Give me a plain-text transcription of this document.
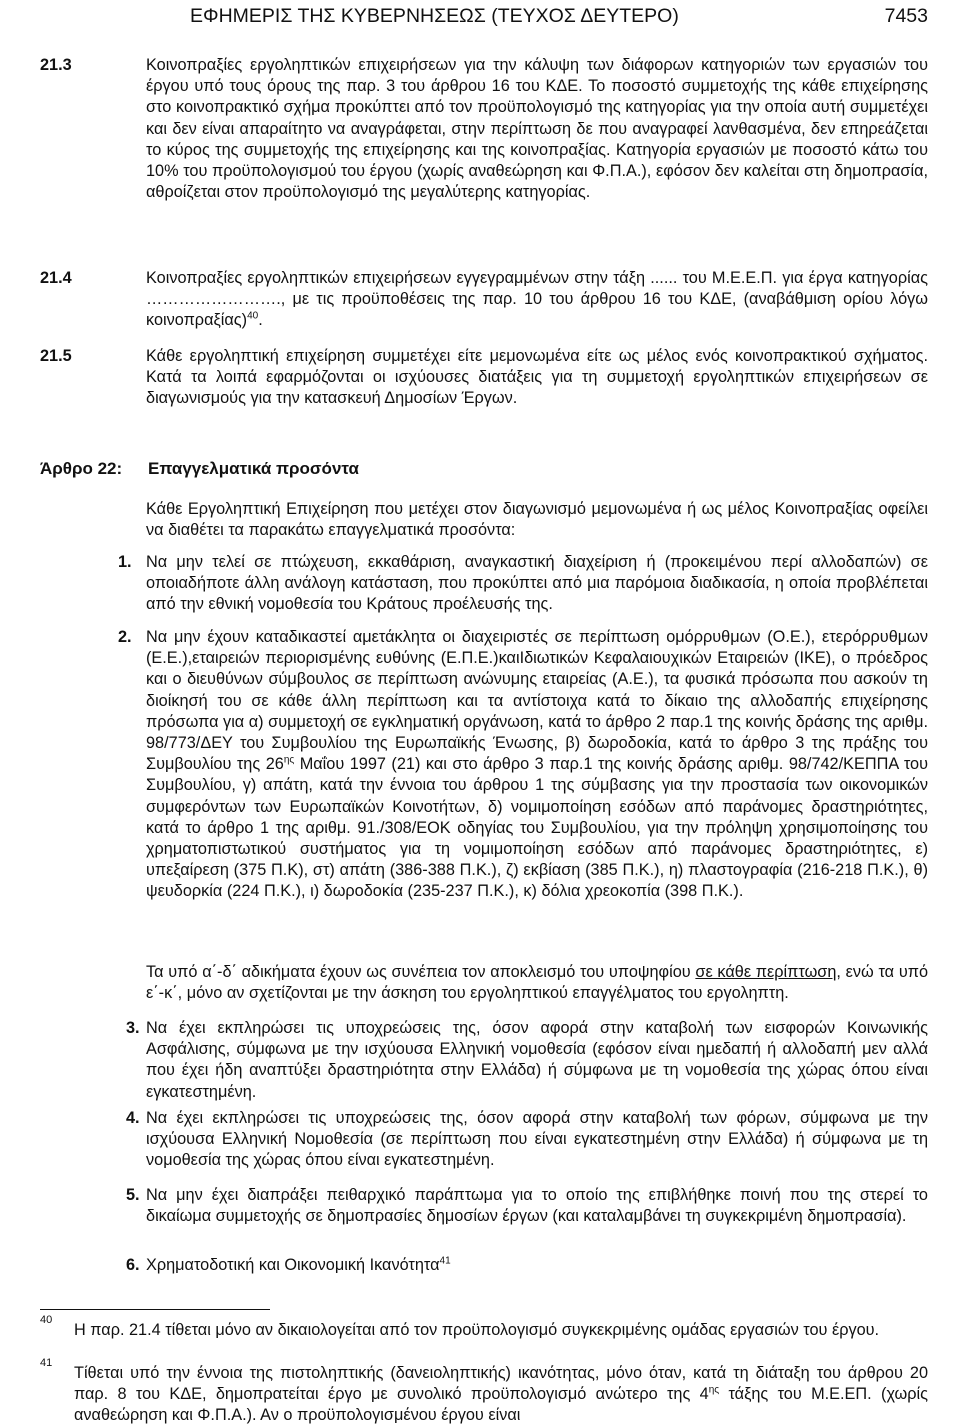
ΕΦΗΜΕΡΙΣ ΤΗΣ ΚΥΒΕΡΝΗΣΕΩΣ (ΤΕΥΧΟΣ ΔΕΥΤΕΡΟ)	7453
21.3	Κοινοπραξίες εργοληπτικών επιχειρήσεων για την κάλυψη των διάφορων κατηγοριών των εργασιών του έργου υπό τους όρους της παρ. 3 του άρθρου 16 του ΚΔΕ. Το ποσοστό συμμετοχής της κάθε επιχείρησης στο κοινοπρακτικό σχήμα προκύπτει από τον προϋπολογισμό της κατηγορίας για την οποία αυτή συμμετέχει και δεν είναι απαραίτητο να αναγράφεται, στην περίπτωση δε που αναγραφεί λανθασμένα, δεν επηρεάζεται το κύρος της συμμετοχής της επιχείρησης και της κοινοπραξίας. Κατηγορία εργασιών με ποσοστό κάτω του 10% του προϋπολογισμού του έργου (χωρίς αναθεώρηση και Φ.Π.Α.), εφόσον δεν καλείται στη δημοπρασία, αθροίζεται στον προϋπολογισμό της μεγαλύτερης κατηγορίας.
21.4	Κοινοπραξίες εργοληπτικών επιχειρήσεων εγγεγραμμένων στην τάξη ...... του Μ.Ε.Ε.Π. για έργα κατηγορίας ……………………., με τις προϋποθέσεις της παρ. 10 του άρθρου 16 του ΚΔΕ, (αναβάθμιση ορίου λόγω κοινοπραξίας)$^{40}$.
21.5	Κάθε εργοληπτική επιχείρηση συμμετέχει είτε μεμονωμένα είτε ως μέλος ενός κοινοπρακτικού σχήματος. Κατά τα λοιπά εφαρμόζονται οι ισχύουσες διατάξεις για τη συμμετοχή εργοληπτικών επιχειρήσεων σε διαγωνισμούς για την κατασκευή Δημοσίων Έργων.
Άρθρο 22: Επαγγελματικά προσόντα
Κάθε Εργοληπτική Επιχείρηση που μετέχει στον διαγωνισμό μεμονωμένα ή ως μέλος Κοινοπραξίας οφείλει να διαθέτει τα παρακάτω επαγγελματικά προσόντα:
1. Να μην τελεί σε πτώχευση, εκκαθάριση, αναγκαστική διαχείριση ή (προκειμένου περί αλλοδαπών) σε οποιαδήποτε άλλη ανάλογη κατάσταση, που προκύπτει από μια παρόμοια διαδικασία, η οποία προβλέπεται από την εθνική νομοθεσία του Κράτους προέλευσής της.
2. Να μην έχουν καταδικαστεί αμετάκλητα οι διαχειριστές σε περίπτωση ομόρρυθμων (Ο.Ε.), ετερόρρυθμων (Ε.Ε.),εταιρειών περιορισμένης ευθύνης (Ε.Π.Ε.)καιΙδιωτικών Κεφαλαιουχικών Εταιρειών (ΙΚΕ), ο πρόεδρος και ο διευθύνων σύμβουλος σε περίπτωση ανώνυμης εταιρείας (Α.Ε.), τα φυσικά πρόσωπα που ασκούν τη διοίκησή του σε κάθε άλλη περίπτωση και τα αντίστοιχα κατά το δίκαιο της αλλοδαπής επιχείρησης πρόσωπα για α) συμμετοχή σε εγκληματική οργάνωση, κατά το άρθρο 2 παρ.1 της κοινής δράσης της αριθμ. 98/773/ΔΕΥ του Συμβουλίου της Ευρωπαϊκής Ένωσης, β) δωροδοκία, κατά το άρθρο 3 της πράξης του Συμβουλίου της $26^{\eta\varsigma}$ Μαΐου 1997 (21) και στο άρθρο 3 παρ.1 της κοινής δράσης αριθμ. 98/742/ΚΕΠΠΑ του Συμβουλίου, γ) απάτη, κατά την έννοια του άρθρου 1 της σύμβασης για την προστασία των οικονομικών συμφερόντων των Ευρωπαϊκών Κοινοτήτων, δ) νομιμοποίηση εσόδων από παράνομες δραστηριότητες, κατά το άρθρο 1 της αριθμ. 91./308/ΕΟΚ οδηγίας του Συμβουλίου, για την πρόληψη χρησιμοποίησης του χρηματοπιστωτικού συστήματος για τη νομιμοποίηση εσόδων από παράνομες δραστηριότητες, ε) υπεξαίρεση (375 Π.Κ), στ) απάτη (386-388 Π.Κ.), ζ) εκβίαση (385 Π.Κ.), η) πλαστογραφία (216-218 Π.Κ.), θ) ψευδορκία (224 Π.Κ.), ι) δωροδοκία (235-237 Π.Κ.), κ) δόλια χρεοκοπία (398 Π.Κ.).
Τα υπό α΄-δ΄ αδικήματα έχουν ως συνέπεια τον αποκλεισμό του υποψηφίου σε κάθε περίπτωση, ενώ τα υπό ε΄-κ΄, μόνο αν σχετίζονται με την άσκηση του εργοληπτικού επαγγέλματος του εργοληπτη.
3. Να έχει εκπληρώσει τις υποχρεώσεις της, όσον αφορά στην καταβολή των εισφορών Κοινωνικής Ασφάλισης, σύμφωνα με την ισχύουσα Ελληνική νομοθεσία (εφόσον είναι ημεδαπή ή αλλοδαπή μεν αλλά που έχει ήδη αναπτύξει δραστηριότητα στην Ελλάδα) ή σύμφωνα με τη νομοθεσία της χώρας όπου είναι εγκατεστημένη.
4. Να έχει εκπληρώσει τις υποχρεώσεις της, όσον αφορά στην καταβολή των φόρων, σύμφωνα με την ισχύουσα Ελληνική Νομοθεσία (σε περίπτωση που είναι εγκατεστημένη στην Ελλάδα) ή σύμφωνα με τη νομοθεσία της χώρας όπου είναι εγκατεστημένη.
5. Να μην έχει διαπράξει πειθαρχικό παράπτωμα για το οποίο της επιβλήθηκε ποινή που της στερεί το δικαίωμα συμμετοχής σε δημοπρασίες δημοσίων έργων (και καταλαμβάνει τη συγκεκριμένη δημοπρασία).
6. Χρηματοδοτική και Οικονομική Ικανότητα$^{41}$
40
Η παρ. 21.4 τίθεται μόνο αν δικαιολογείται από τον προϋπολογισμό συγκεκριμένης ομάδας εργασιών του έργου.
41
Τίθεται υπό την έννοια της πιστοληπτικής (δανειοληπτικής) ικανότητας, μόνο όταν, κατά τη διάταξη του άρθρου 20 παρ. 8 του ΚΔΕ, δημοπρατείται έργο με συνολικό προϋπολογισμό ανώτερο της $4^{\eta\varsigma}$ τάξης του Μ.Ε.ΕΠ. (χωρίς αναθεώρηση και Φ.Π.Α.). Αν ο προϋπολογισμένου έργου είναι
